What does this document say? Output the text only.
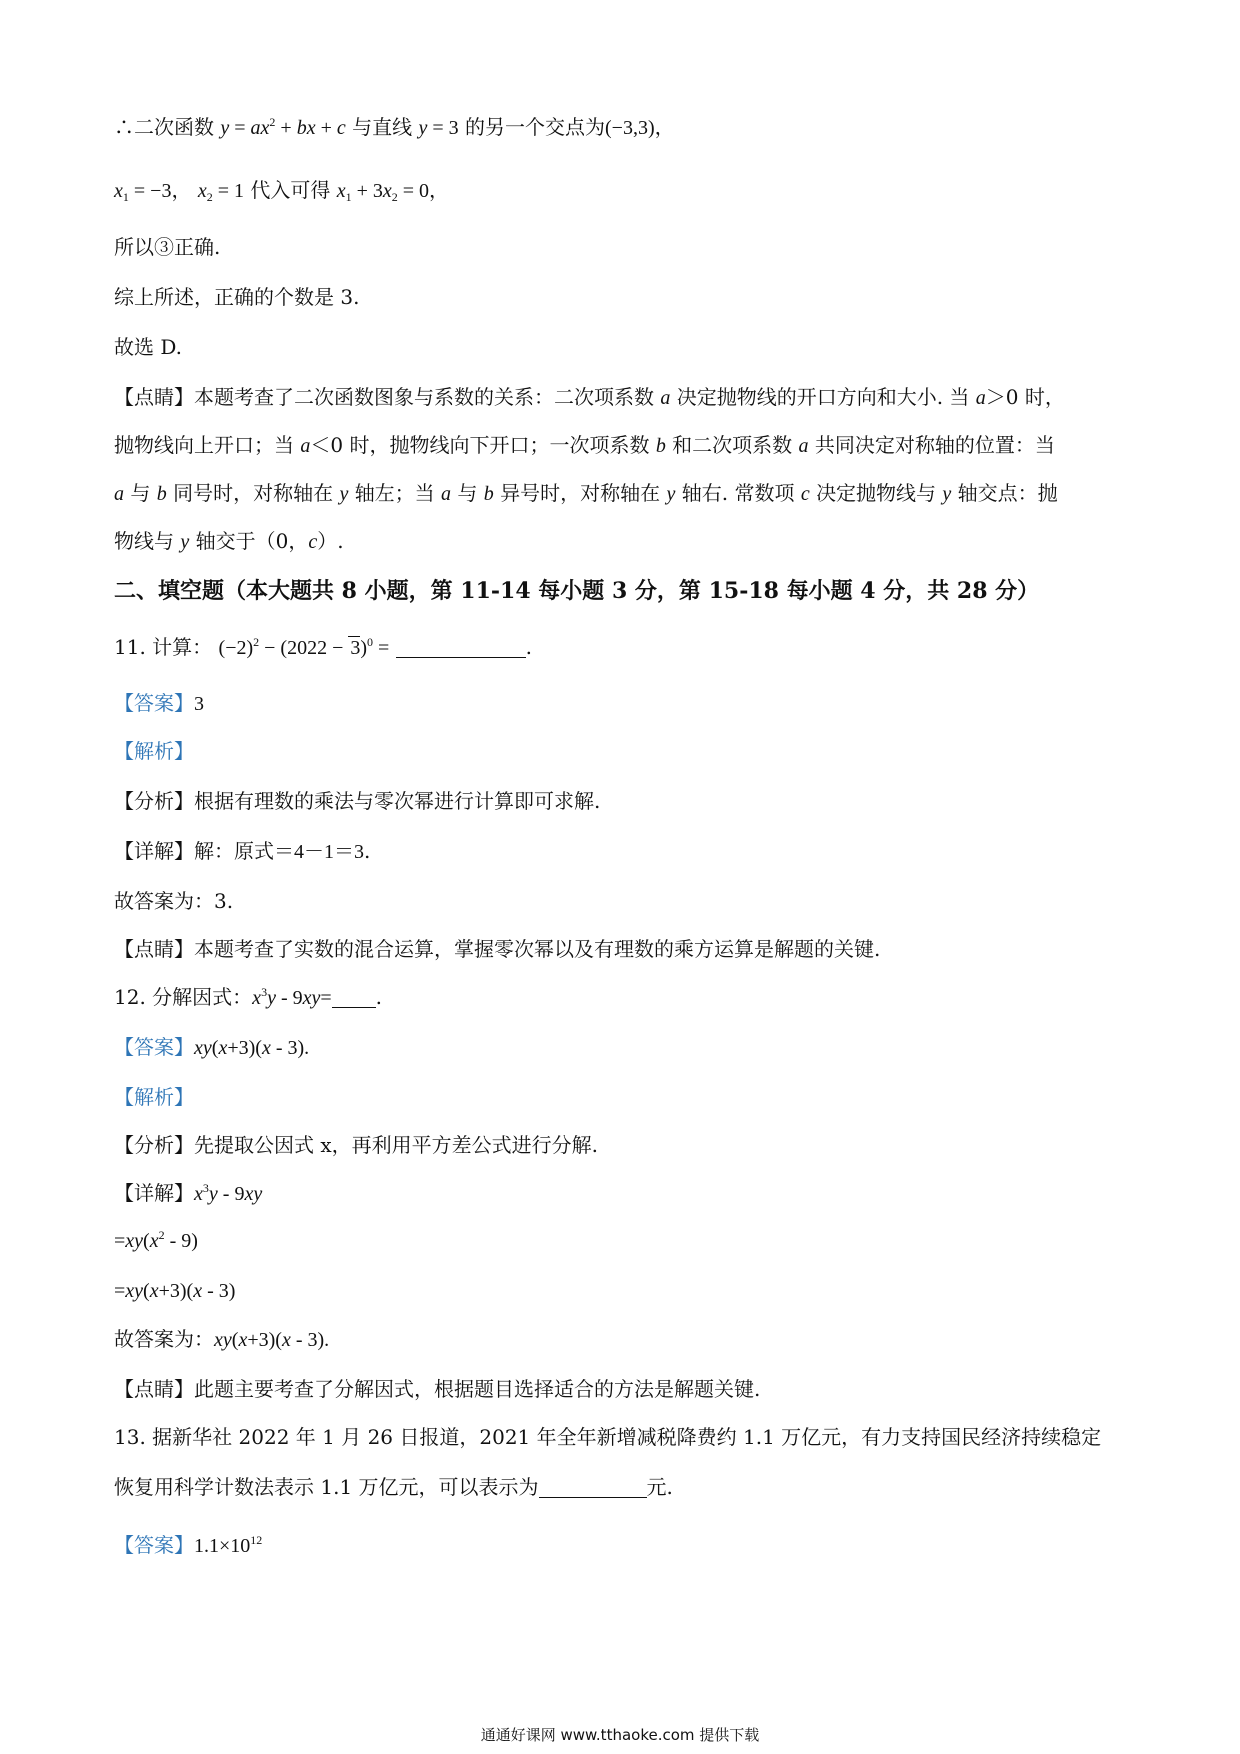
∴二次函数 $y = ax^2$ + bx + c 与直线 y = 3 的另一个交点为(−3,3)，
$x_1 = -3$， $x_2 = 1$ 代入可得 $x_1 + 3x_2 = 0$，
所以③正确.
综上所述，正确的个数是 3.
故选 D.
【点睛】本题考查了二次函数图象与系数的关系：二次项系数 a 决定抛物线的开口方向和大小. 当 a＞0 时，
抛物线向上开口；当 a＜0 时，抛物线向下开口；一次项系数 b 和二次项系数 a 共同决定对称轴的位置：当
a 与 b 同号时，对称轴在 y 轴左；当 a 与 b 异号时，对称轴在 y 轴右. 常数项 c 决定抛物线与 y 轴交点：抛
物线与 y 轴交于（0，c）.
二、填空题（本大题共 8 小题，第 11-14 每小题 3 分，第 15-18 每小题 4 分，共 28 分）
11. 计算： $(-2)^2 - (2022 - 3)^0$ =	.
【答案】3
【解析】
【分析】根据有理数的乘法与零次幂进行计算即可求解.
【详解】解：原式＝4－1＝3.
故答案为：3.
【点睛】本题考查了实数的混合运算，掌握零次幂以及有理数的乘方运算是解题的关键.
12. 分解因式：$x^3y - 9xy=$ .
【答案】xy(x+3)(x - 3).
【解析】
【分析】先提取公因式 x，再利用平方差公式进行分解.
【详解】$x^3y - 9xy$
$=xy(x^2 - 9)$
=xy(x+3)(x - 3)
故答案为：xy(x+3)(x - 3).
【点睛】此题主要考查了分解因式，根据题目选择适合的方法是解题关键.
13. 据新华社 2022 年 1 月 26 日报道，2021 年全年新增减税降费约 1.1 万亿元，有力支持国民经济持续稳定
恢复用科学计数法表示 1.1 万亿元，可以表示为	元.
【答案】$1.1\times 10^{12}$
通通好课网 www.tthaoke.com 提供下载
